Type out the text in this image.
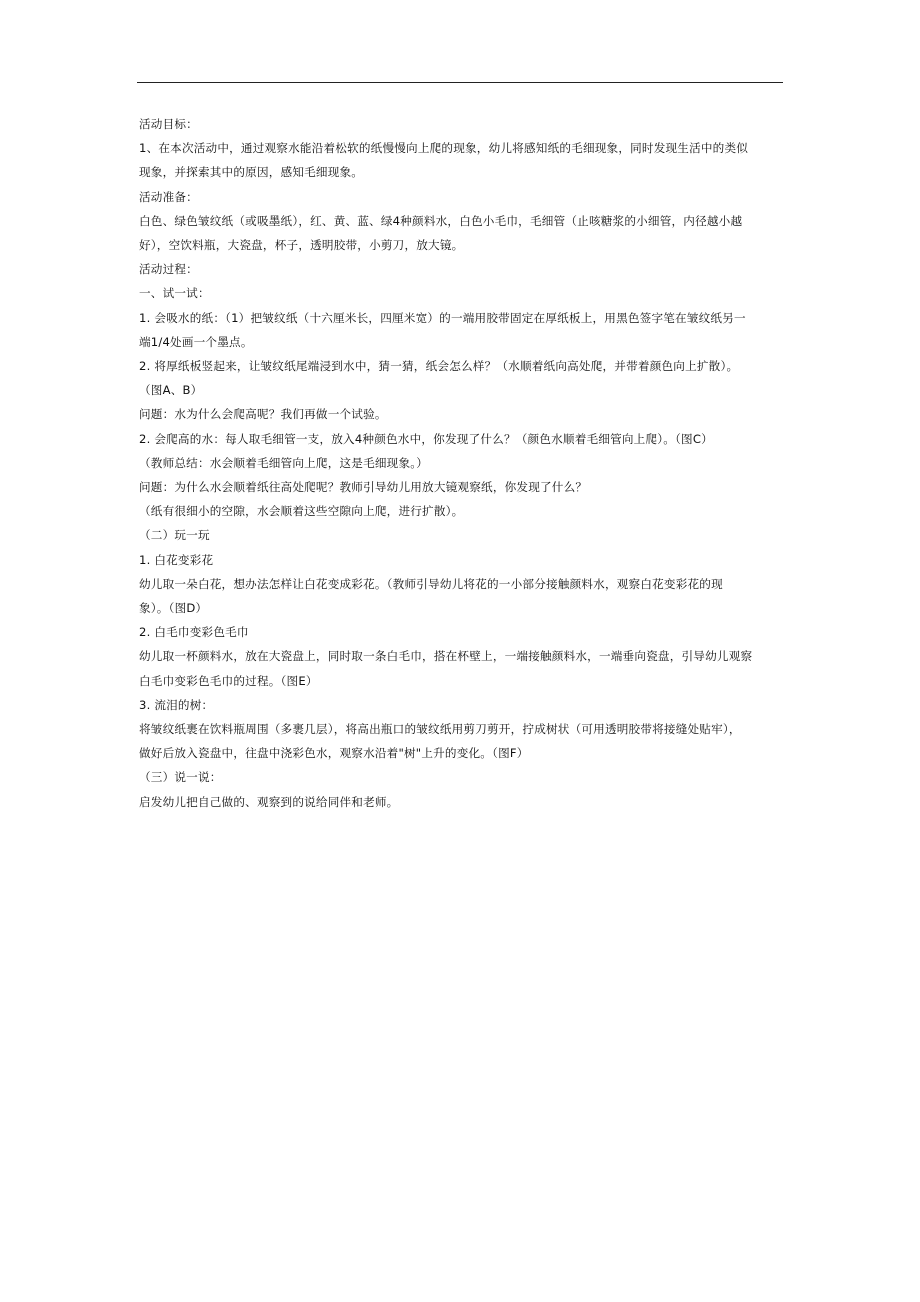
活动目标：

1、在本次活动中，通过观察水能沿着松软的纸慢慢向上爬的现象，幼儿将感知纸的毛细现象，同时发现生活中的类似

现象，并探索其中的原因，感知毛细现象。

活动准备：

白色、绿色皱纹纸（或吸墨纸），红、黄、蓝、绿4种颜料水，白色小毛巾，毛细管（止咳糖浆的小细管，内径越小越

好），空饮料瓶，大瓷盘，杯子，透明胶带，小剪刀，放大镜。

活动过程：

一、试一试：

1. 会吸水的纸：（1）把皱纹纸（十六厘米长，四厘米宽）的一端用胶带固定在厚纸板上，用黑色签字笔在皱纹纸另一

端1/4处画一个墨点。

2. 将厚纸板竖起来，让皱纹纸尾端浸到水中，猜一猜，纸会怎么样？（水顺着纸向高处爬，并带着颜色向上扩散）。

（图A、B）

问题：水为什么会爬高呢？我们再做一个试验。

2. 会爬高的水：每人取毛细管一支，放入4种颜色水中，你发现了什么？（颜色水顺着毛细管向上爬）。（图C）

（教师总结：水会顺着毛细管向上爬，这是毛细现象。）

问题：为什么水会顺着纸往高处爬呢？教师引导幼儿用放大镜观察纸，你发现了什么？

（纸有很细小的空隙，水会顺着这些空隙向上爬，进行扩散）。

（二）玩一玩

1. 白花变彩花

幼儿取一朵白花，想办法怎样让白花变成彩花。（教师引导幼儿将花的一小部分接触颜料水，观察白花变彩花的现

象）。（图D）

2. 白毛巾变彩色毛巾

幼儿取一杯颜料水，放在大瓷盘上，同时取一条白毛巾，搭在杯壁上，一端接触颜料水，一端垂向瓷盘，引导幼儿观察

白毛巾变彩色毛巾的过程。（图E）

3. 流泪的树：

将皱纹纸裹在饮料瓶周围（多裹几层），将高出瓶口的皱纹纸用剪刀剪开，拧成树状（可用透明胶带将接缝处贴牢），

做好后放入瓷盘中，往盘中浇彩色水，观察水沿着"树"上升的变化。（图F）

（三）说一说：

启发幼儿把自己做的、观察到的说给同伴和老师。
